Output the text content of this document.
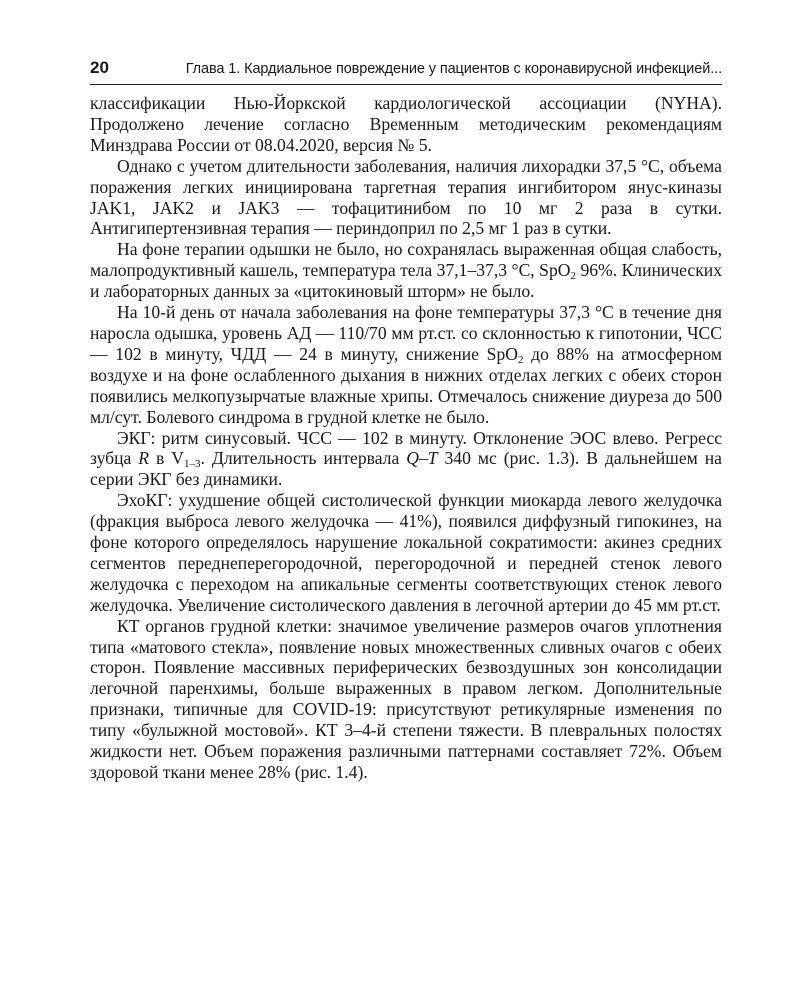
20	Глава 1. Кардиальное повреждение у пациентов с коронавирусной инфекцией...

классификации Нью-Йоркской кардиологической ассоциации (NYHA). Продолжено лечение согласно Временным методическим рекомендациям Минздрава России от 08.04.2020, версия № 5.

Однако с учетом длительности заболевания, наличия лихорадки 37,5 °С, объема поражения легких инициирована таргетная терапия ингибитором янус-киназы JAK1, JAK2 и JAK3 — тофацитинибом по 10 мг 2 раза в сутки. Антигипертензивная терапия — периндоприл по 2,5 мг 1 раз в сутки.

На фоне терапии одышки не было, но сохранялась выраженная общая слабость, малопродуктивный кашель, температура тела 37,1–37,3 °С, SpO$_2$ 96%. Клинических и лабораторных данных за «цитокиновый шторм» не было.

На 10-й день от начала заболевания на фоне температуры 37,3 °С в течение дня наросла одышка, уровень АД — 110/70 мм рт.ст. со склонностью к гипотонии, ЧСС — 102 в минуту, ЧДД — 24 в минуту, снижение SpO$_2$ до 88% на атмосферном воздухе и на фоне ослабленного дыхания в нижних отделах легких с обеих сторон появились мелкопузырчатые влажные хрипы. Отмечалось снижение диуреза до 500 мл/сут. Болевого синдрома в грудной клетке не было.

ЭКГ: ритм синусовый. ЧСС — 102 в минуту. Отклонение ЭОС влево. Регресс зубца R в $V_{1-3}$. Длительность интервала Q–T 340 мс (рис. 1.3). В дальнейшем на серии ЭКГ без динамики.

ЭхоКГ: ухудшение общей систолической функции миокарда левого желудочка (фракция выброса левого желудочка — 41%), появился диффузный гипокинез, на фоне которого определялось нарушение локальной сократимости: акинез средних сегментов переднеперегородочной, перегородочной и передней стенок левого желудочка с переходом на апикальные сегменты соответствующих стенок левого желудочка. Увеличение систолического давления в легочной артерии до 45 мм рт.ст.

КТ органов грудной клетки: значимое увеличение размеров очагов уплотнения типа «матового стекла», появление новых множественных сливных очагов с обеих сторон. Появление массивных периферических безвоздушных зон консолидации легочной паренхимы, больше выраженных в правом легком. Дополнительные признаки, типичные для COVID-19: присутствуют ретикулярные изменения по типу «булыжной мостовой». КТ 3–4-й степени тяжести. В плевральных полостях жидкости нет. Объем поражения различными паттернами составляет 72%. Объем здоровой ткани менее 28% (рис. 1.4).
